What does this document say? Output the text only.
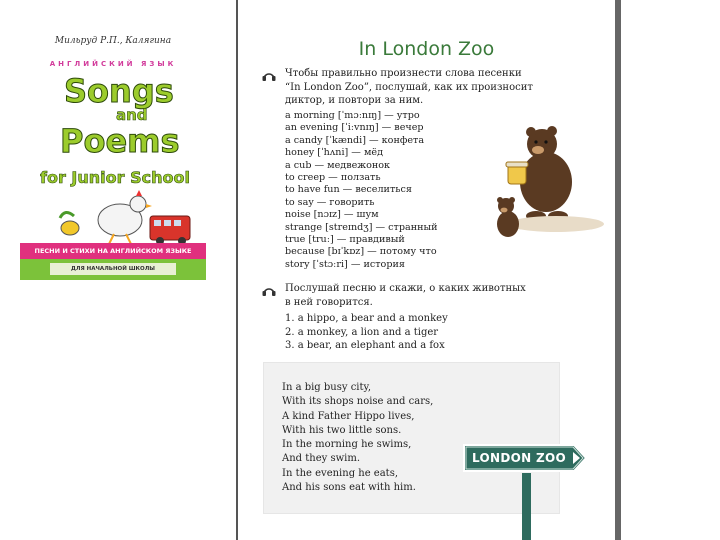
Мильруд Р.П., Калягина
АНГЛИЙСКИЙ ЯЗЫК
Songs
and
Poems
for Junior School
ПЕСНИ И СТИХИ НА АНГЛИЙСКОМ ЯЗЫКЕ
ДЛЯ НАЧАЛЬНОЙ ШКОЛЫ
In London Zoo
Чтобы правильно произнести слова песенки
“In London Zoo”, послушай, как их произносит
диктор, и повтори за ним.
a morning [ˈmɔːnɪŋ] — утро
an evening [ˈiːvnɪŋ] — вечер
a candy [ˈkændi] — конфета
honey [ˈhʌni] — мёд
a cub — медвежонок
to creep — ползать
to have fun — веселиться
to say — говорить
noise [nɔɪz] — шум
strange [streɪndʒ] — странный
true [truː] — правдивый
because [bɪˈkɒz] — потому что
story [ˈstɔːri] — история
Послушай песню и скажи, о каких животных
в ней говорится.
1. a hippo, a bear and a monkey
2. a monkey, a lion and a tiger
3. a bear, an elephant and a fox
In a big busy city,
With its shops noise and cars,
A kind Father Hippo lives,
With his two little sons.
In the morning he swims,
And they swim.
In the evening he eats,
And his sons eat with him.
LONDON ZOO
